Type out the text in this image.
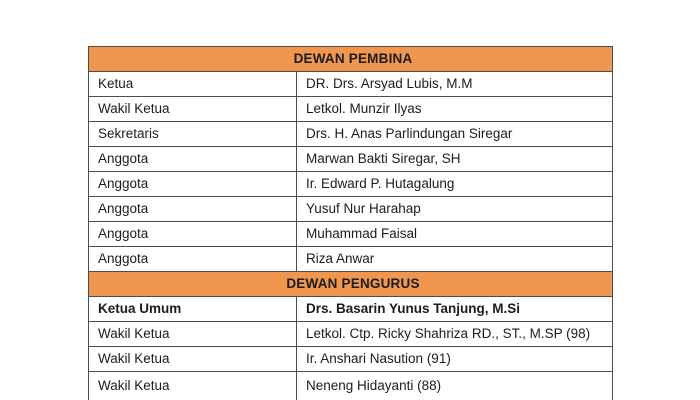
DEWAN PEMBINA	
Ketua	DR. Drs. Arsyad Lubis, M.M
Wakil Ketua	Letkol. Munzir Ilyas
Sekretaris	Drs. H. Anas Parlindungan Siregar
Anggota	Marwan Bakti Siregar, SH
Anggota	Ir. Edward P. Hutagalung
Anggota	Yusuf Nur Harahap
Anggota	Muhammad Faisal
Anggota	Riza Anwar
DEWAN PENGURUS	
Ketua Umum	Drs. Basarin Yunus Tanjung, M.Si
Wakil Ketua	Letkol. Ctp. Ricky Shahriza RD., ST., M.SP (98)
Wakil Ketua	Ir. Anshari Nasution (91)
Wakil Ketua	Neneng Hidayanti (88)
